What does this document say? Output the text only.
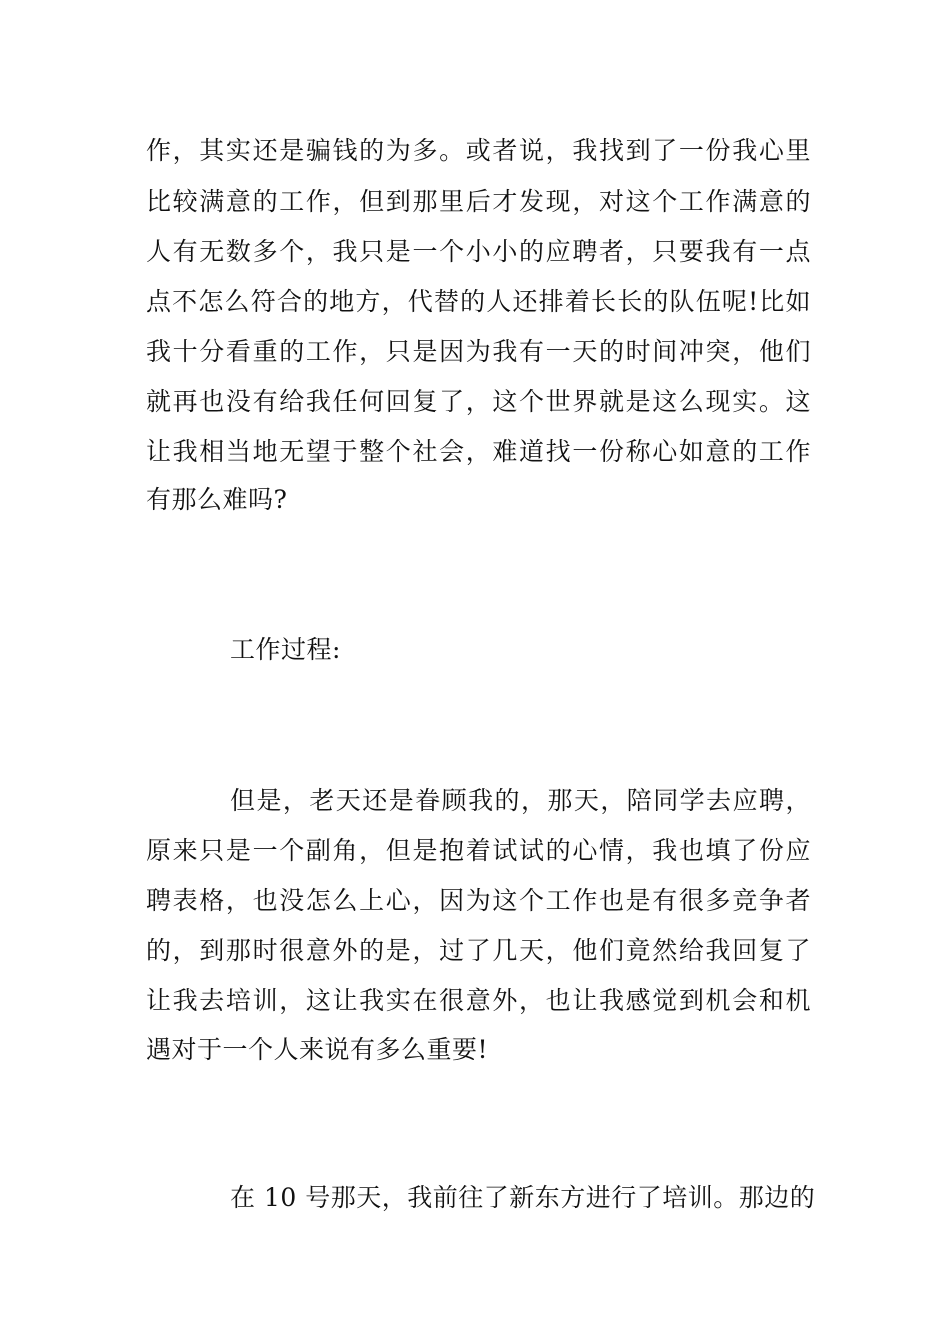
作，其实还是骗钱的为多。或者说，我找到了一份我心里
比较满意的工作，但到那里后才发现，对这个工作满意的
人有无数多个，我只是一个小小的应聘者，只要我有一点
点不怎么符合的地方，代替的人还排着长长的队伍呢!比如
我十分看重的工作，只是因为我有一天的时间冲突，他们
就再也没有给我任何回复了，这个世界就是这么现实。这
让我相当地无望于整个社会，难道找一份称心如意的工作
有那么难吗?
工作过程:
但是，老天还是眷顾我的，那天，陪同学去应聘，
原来只是一个副角，但是抱着试试的心情，我也填了份应
聘表格，也没怎么上心，因为这个工作也是有很多竞争者
的，到那时很意外的是，过了几天，他们竟然给我回复了
让我去培训，这让我实在很意外，也让我感觉到机会和机
遇对于一个人来说有多么重要!
在 10 号那天，我前往了新东方进行了培训。那边的
